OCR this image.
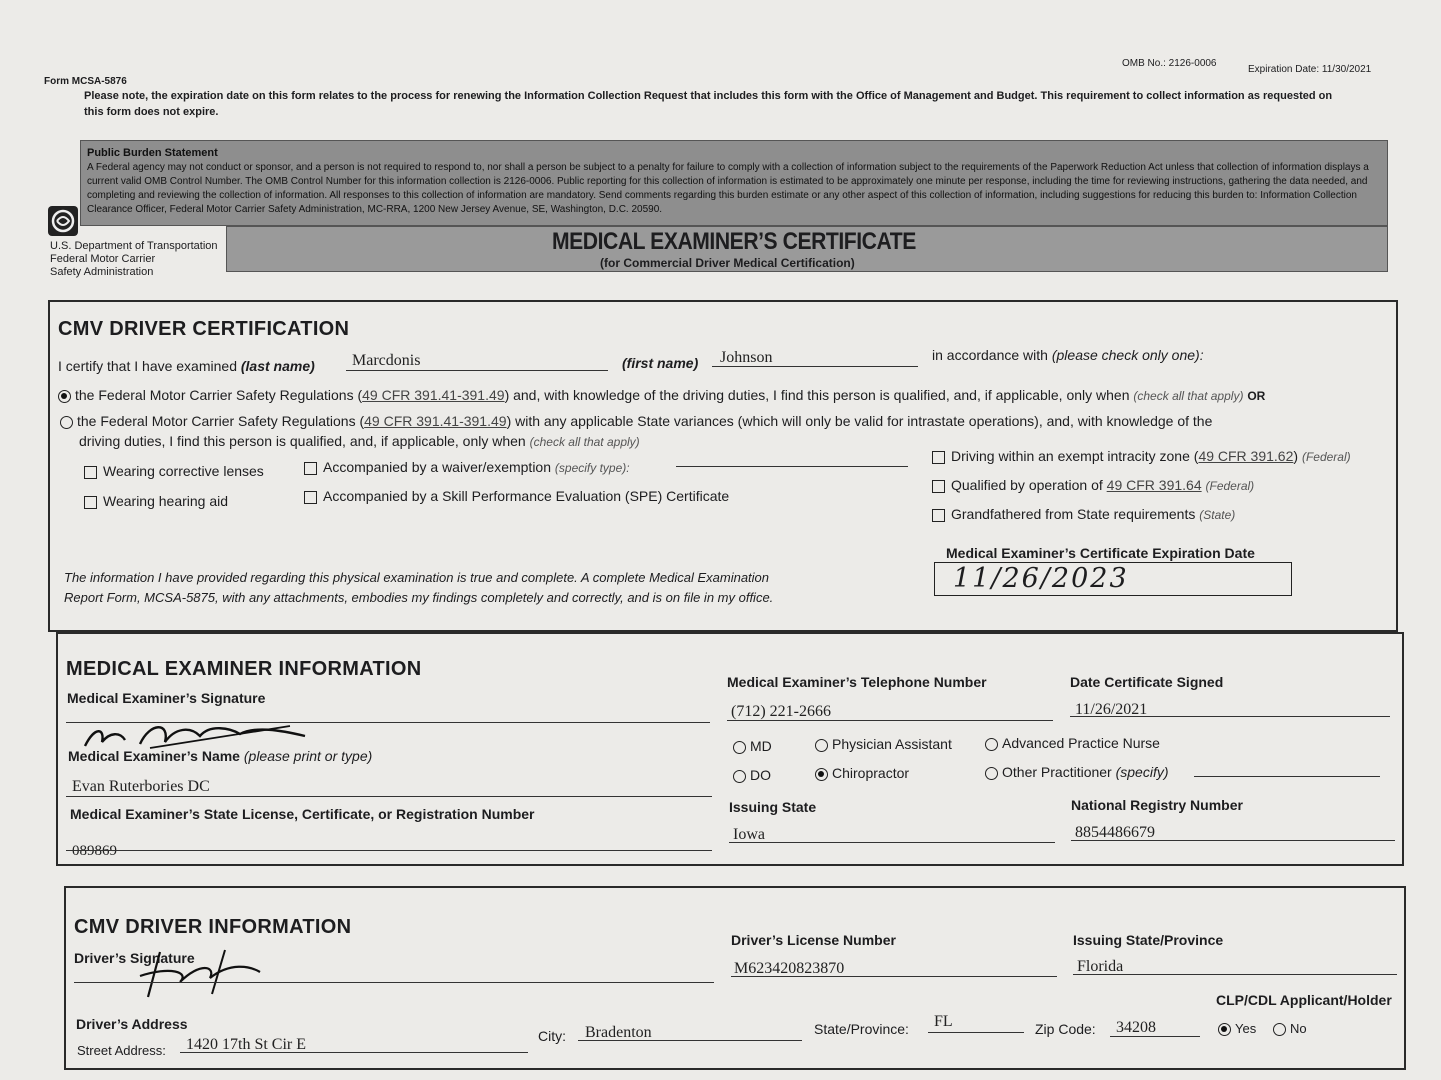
Form MCSA-5876
OMB No.: 2126-0006
Expiration Date: 11/30/2021
Please note, the expiration date on this form relates to the process for renewing the Information Collection Request that includes this form with the Office of Management and Budget. This requirement to collect information as requested on this form does not expire.
Public Burden Statement
A Federal agency may not conduct or sponsor, and a person is not required to respond to, nor shall a person be subject to a penalty for failure to comply with a collection of information subject to the requirements of the Paperwork Reduction Act unless that collection of information displays a current valid OMB Control Number. The OMB Control Number for this information collection is 2126-0006. Public reporting for this collection of information is estimated to be approximately one minute per response, including the time for reviewing instructions, gathering the data needed, and completing and reviewing the collection of information. All responses to this collection of information are mandatory. Send comments regarding this burden estimate or any other aspect of this collection of information, including suggestions for reducing this burden to: Information Collection Clearance Officer, Federal Motor Carrier Safety Administration, MC-RRA, 1200 New Jersey Avenue, SE, Washington, D.C. 20590.
U.S. Department of Transportation
Federal Motor Carrier
Safety Administration
MEDICAL EXAMINER’S CERTIFICATE
(for Commercial Driver Medical Certification)
CMV DRIVER CERTIFICATION
I certify that I have examined (last name) Marcdonis	(first name) Johnson	in accordance with (please check only one):
the Federal Motor Carrier Safety Regulations (49 CFR 391.41-391.49) and, with knowledge of the driving duties, I find this person is qualified, and, if applicable, only when (check all that apply) OR
the Federal Motor Carrier Safety Regulations (49 CFR 391.41-391.49) with any applicable State variances (which will only be valid for intrastate operations), and, with knowledge of the
driving duties, I find this person is qualified, and, if applicable, only when (check all that apply)
Wearing corrective lenses
Wearing hearing aid
Accompanied by a waiver/exemption (specify type):
Accompanied by a Skill Performance Evaluation (SPE) Certificate
Driving within an exempt intracity zone (49 CFR 391.62) (Federal)
Qualified by operation of 49 CFR 391.64 (Federal)
Grandfathered from State requirements (State)
The information I have provided regarding this physical examination is true and complete. A complete Medical Examination
Report Form, MCSA-5875, with any attachments, embodies my findings completely and correctly, and is on file in my office.
Medical Examiner’s Certificate Expiration Date
11/26/2023
MEDICAL EXAMINER INFORMATION
Medical Examiner’s Signature
Medical Examiner’s Name (please print or type)
Evan Ruterbories DC
Medical Examiner’s State License, Certificate, or Registration Number
089869
Medical Examiner’s Telephone Number
(712) 221-2666
Date Certificate Signed
11/26/2021
MD	Physician Assistant	Advanced Practice Nurse
DO	Chiropractor	Other Practitioner (specify)
Issuing State
Iowa
National Registry Number
8854486679
CMV DRIVER INFORMATION
Driver’s Signature
Driver’s Address
Street Address: 1420 17th St Cir E	City: Bradenton	State/Province: FL	Zip Code: 34208
Driver’s License Number
M623420823870
Issuing State/Province
Florida
CLP/CDL Applicant/Holder
Yes	No
